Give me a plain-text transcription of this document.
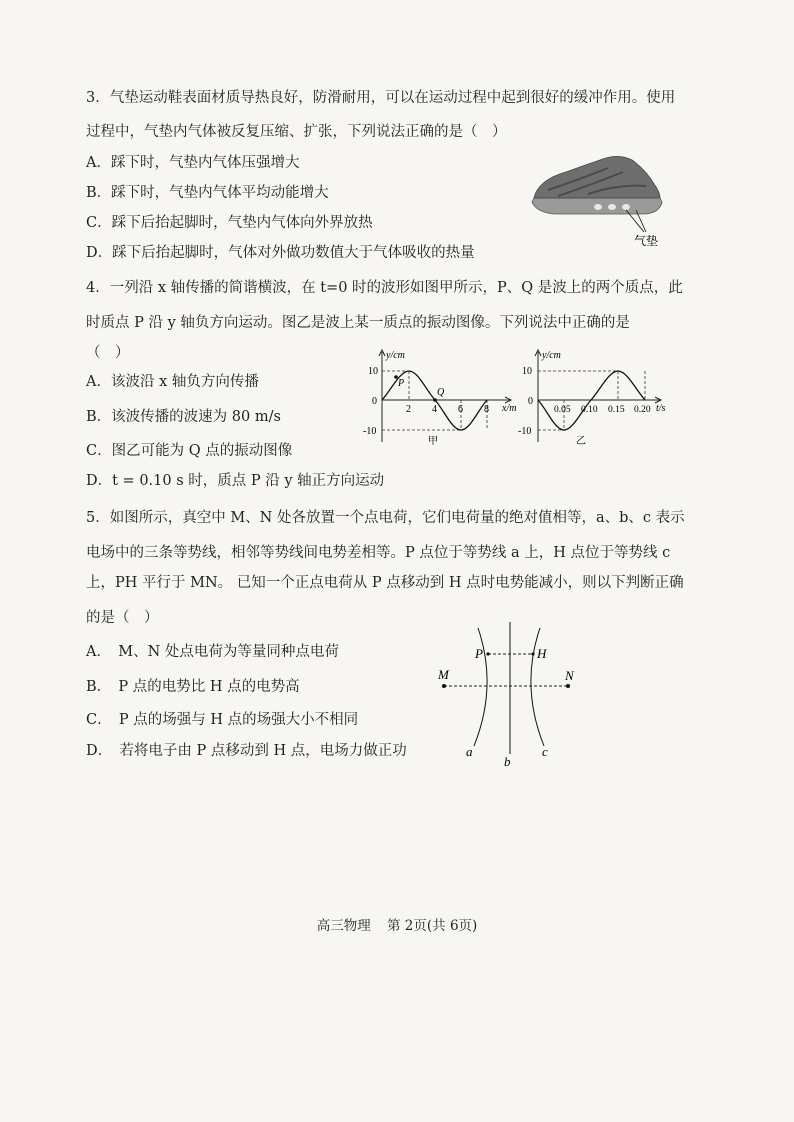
3．气垫运动鞋表面材质导热良好，防滑耐用，可以在运动过程中起到很好的缓冲作用。使用
过程中，气垫内气体被反复压缩、扩张，下列说法正确的是（　）
A．踩下时，气垫内气体压强增大
B．踩下时，气垫内气体平均动能增大
C．踩下后抬起脚时，气垫内气体向外界放热
D．踩下后抬起脚时，气体对外做功数值大于气体吸收的热量
气垫
4．一列沿 x 轴传播的简谐横波，在 t=0 时的波形如图甲所示，P、Q 是波上的两个质点，此
时质点 P 沿 y 轴负方向运动。图乙是波上某一质点的振动图像。下列说法中正确的是
（　）
A．该波沿 x 轴负方向传播
B．该波传播的波速为 80 m/s
C．图乙可能为 Q 点的振动图像
D．t = 0.10 s 时，质点 P 沿 y 轴正方向运动
y/cm
x/m
10
0
-10
2 4 6 8
P
Q
甲
y/cm
t/s
10
0
-10
0.05 0.10 0.15 0.20
乙
5．如图所示，真空中 M、N 处各放置一个点电荷，它们电荷量的绝对值相等，a、b、c 表示
电场中的三条等势线，相邻等势线间电势差相等。P 点位于等势线 a 上，H 点位于等势线 c
上，PH 平行于 MN。 已知一个正点电荷从 P 点移动到 H 点时电势能减小，则以下判断正确
的是（　）
A．　M、N 处点电荷为等量同种点电荷
B．　P 点的电势比 H 点的电势高
C．　P 点的场强与 H 点的场强大小不相同
D．　若将电子由 P 点移动到 H 点，电场力做正功
M	N
P	H
a
b
c
高三物理 第 2页(共 6页)
